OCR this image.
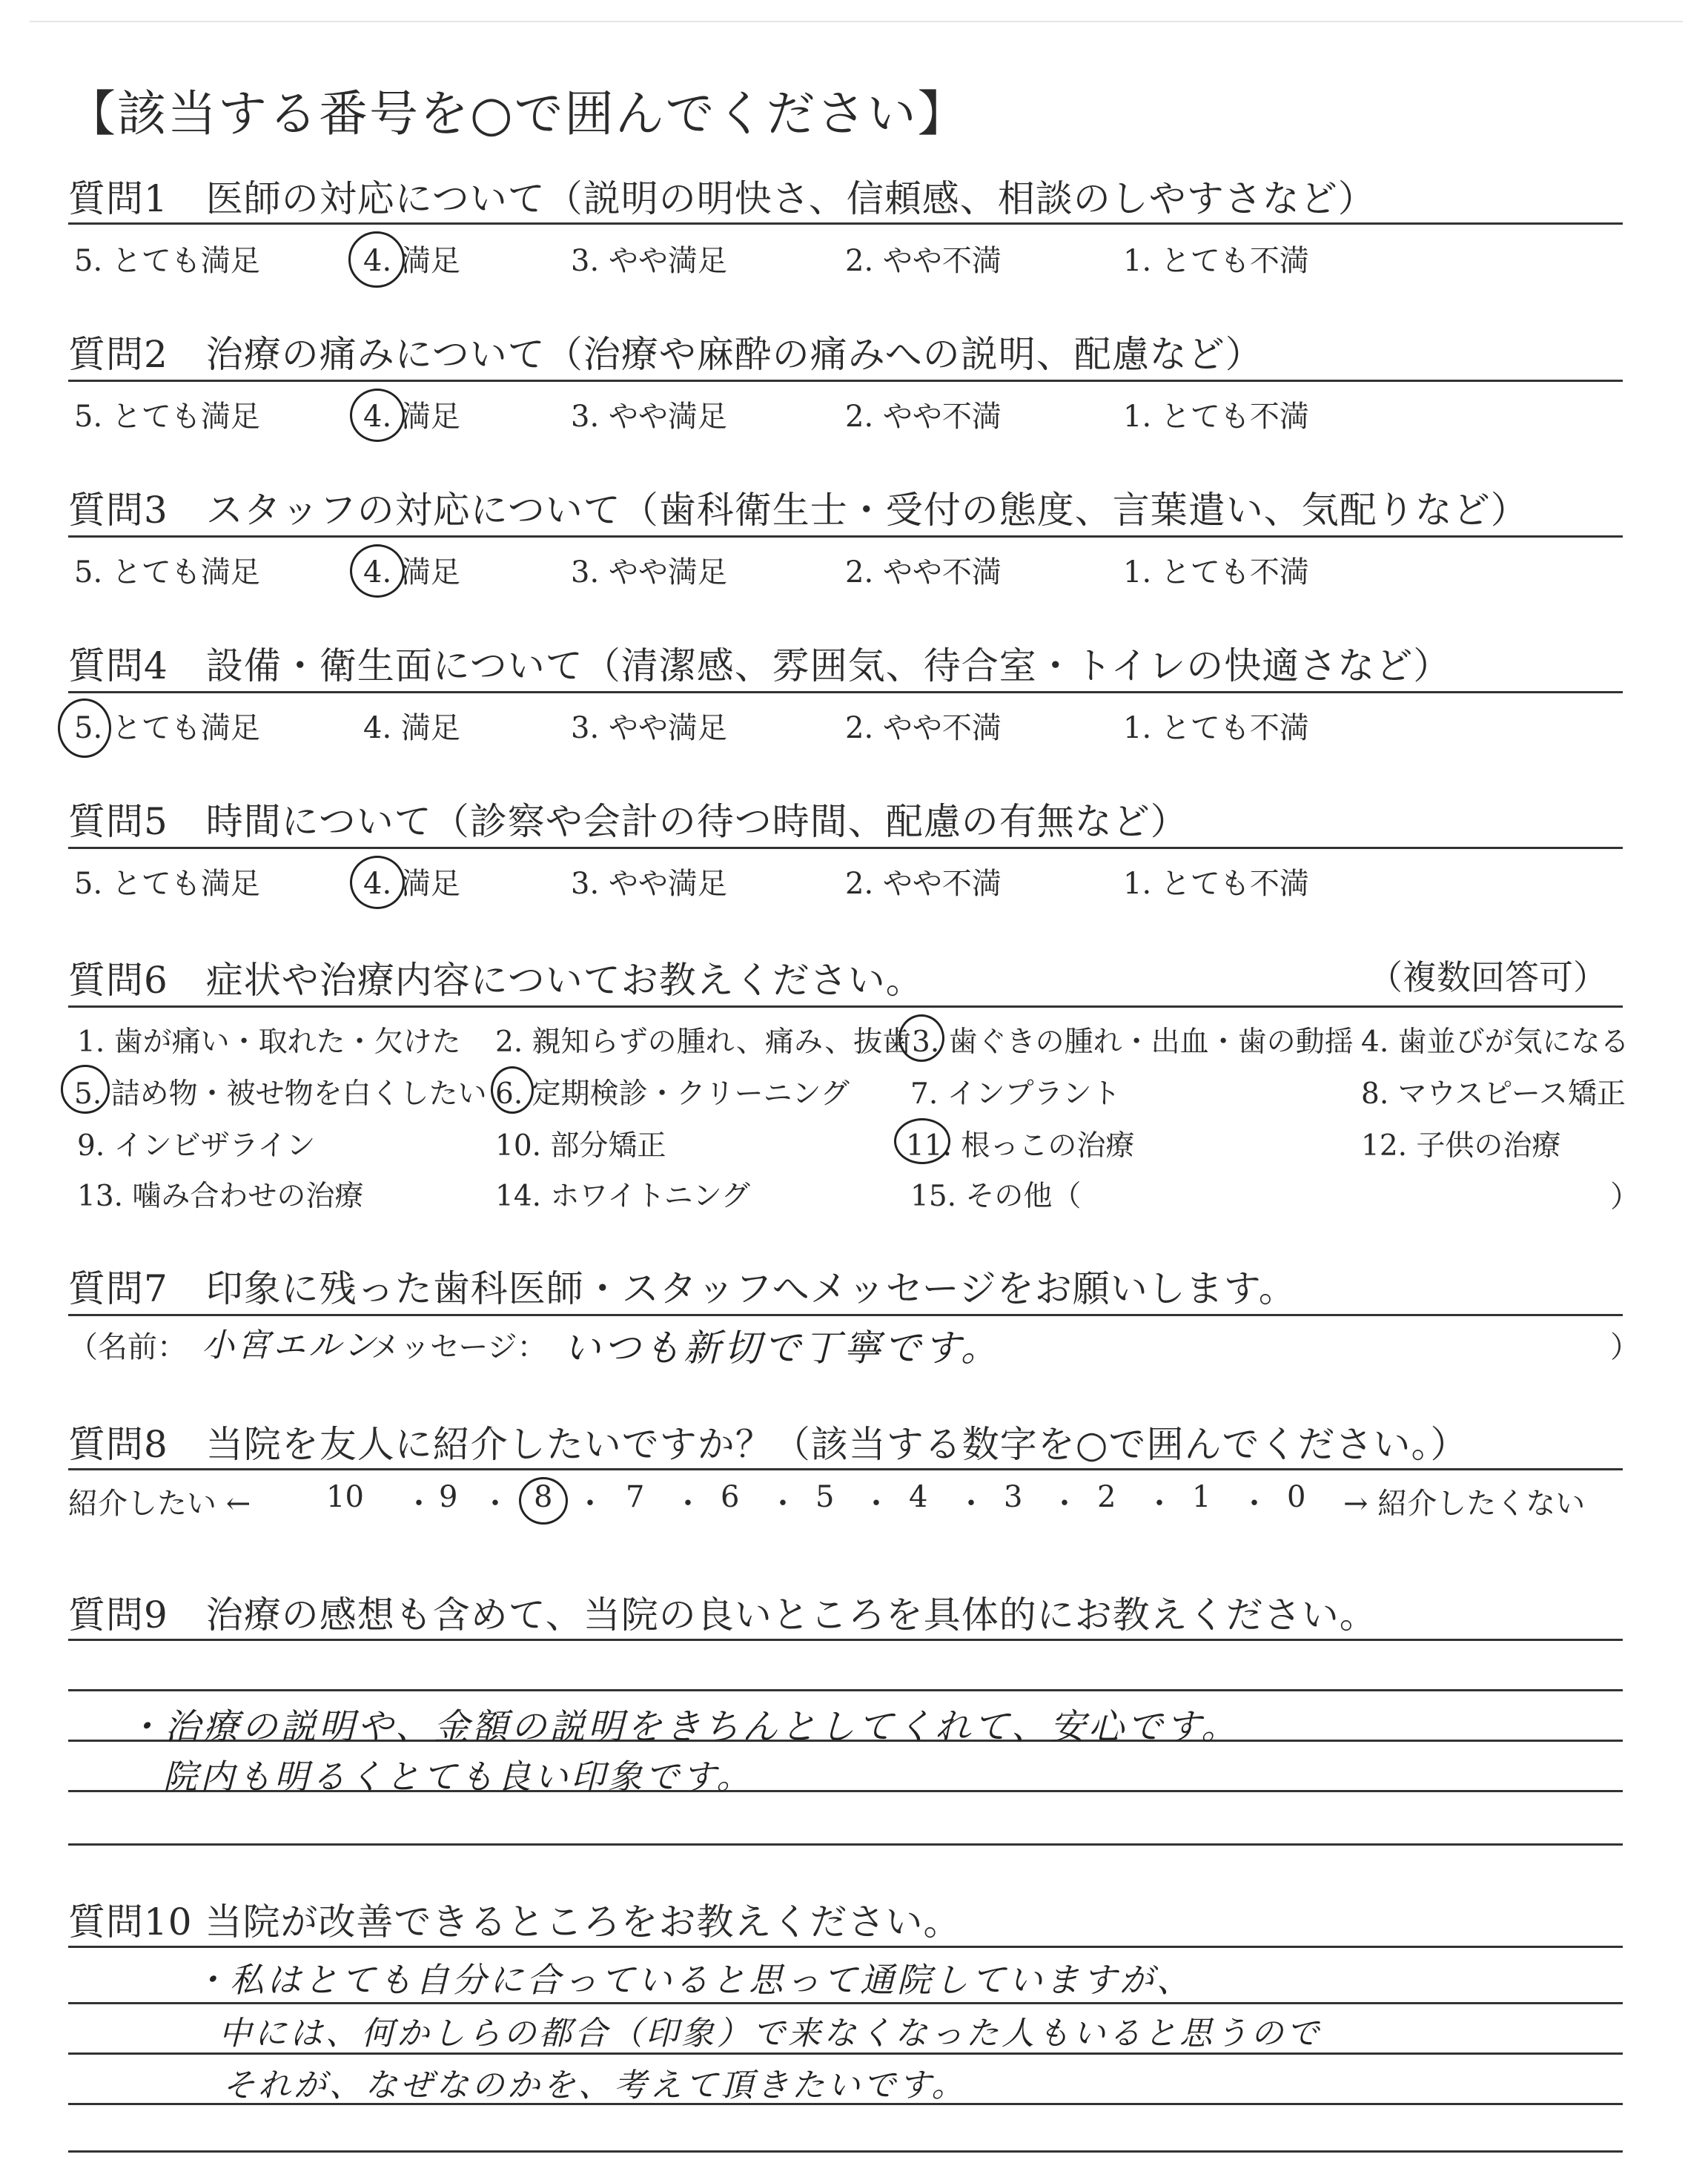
【該当する番号を○で囲んでください】
質問1　医師の対応について（説明の明快さ、信頼感、相談のしやすさなど）
5. とても満足	4. 満足	3. やや満足	2. やや不満	1. とても不満
質問2　治療の痛みについて（治療や麻酔の痛みへの説明、配慮など）
5. とても満足	4. 満足	3. やや満足	2. やや不満	1. とても不満
質問3　スタッフの対応について（歯科衛生士・受付の態度、言葉遣い、気配りなど）
5. とても満足	4. 満足	3. やや満足	2. やや不満	1. とても不満
質問4　設備・衛生面について（清潔感、雰囲気、待合室・トイレの快適さなど）
5. とても満足	4. 満足	3. やや満足	2. やや不満	1. とても不満
質問5　時間について（診察や会計の待つ時間、配慮の有無など）
5. とても満足	4. 満足	3. やや満足	2. やや不満	1. とても不満
質問6　症状や治療内容についてお教えください。	（複数回答可）
1. 歯が痛い・取れた・欠けた 2. 親知らずの腫れ、痛み、抜歯 3. 歯ぐきの腫れ・出血・歯の動揺 4. 歯並びが気になる
5. 詰め物・被せ物を白くしたい 6. 定期検診・クリーニング 7. インプラント	8. マウスピース矯正
9. インビザライン	10. 部分矯正	11. 根っこの治療	12. 子供の治療
13. 噛み合わせの治療	14. ホワイトニング	15. その他（	）
質問7　印象に残った歯科医師・スタッフへメッセージをお願いします。
（名前： 小宮エルン
メッセージ： いつも新切で丁寧です。	）
質問8　当院を友人に紹介したいですか？（該当する数字を○で囲んでください。）
紹介したい ←	10 ・ 9 ・ 8 ・ 7 ・ 6 ・ 5 ・ 4 ・ 3 ・ 2 ・ 1 ・ 0 → 紹介したくない
質問9　治療の感想も含めて、当院の良いところを具体的にお教えください。
・治療の説明や、金額の説明をきちんとしてくれて、安心です。
院内も明るくとても良い印象です。
質問10 当院が改善できるところをお教えください。
・私はとても自分に合っていると思って通院していますが、
中には、何かしらの都合（印象）で来なくなった人もいると思うので
それが、なぜなのかを、考えて頂きたいです。
